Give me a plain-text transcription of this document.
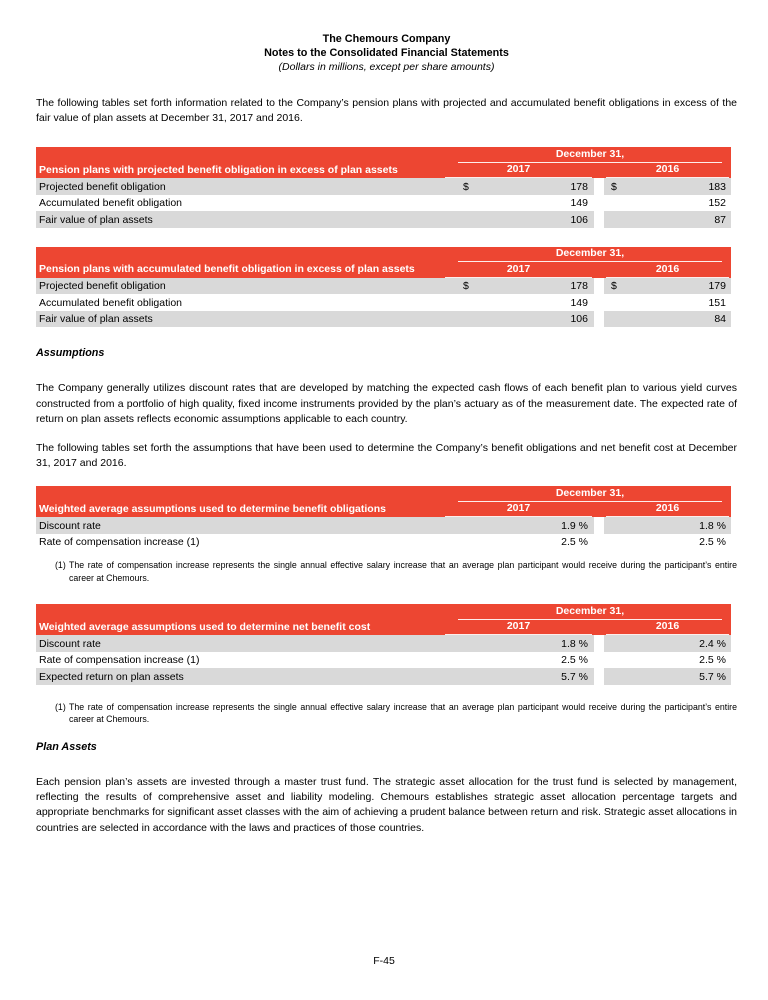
The Chemours Company
Notes to the Consolidated Financial Statements
(Dollars in millions, except per share amounts)

The following tables set forth information related to the Company’s pension plans with projected and accumulated benefit obligations in excess of the fair value of plan assets at December 31, 2017 and 2016.

December 31,
Pension plans with projected benefit obligation in excess of plan assets	2017	2016
Projected benefit obligation	$	178 $	183
Accumulated benefit obligation	149	152
Fair value of plan assets	106	87
December 31,
Pension plans with accumulated benefit obligation in excess of plan assets	2017	2016
Projected benefit obligation	$	178 $	179
Accumulated benefit obligation	149	151
Fair value of plan assets	106	84
Assumptions

The Company generally utilizes discount rates that are developed by matching the expected cash flows of each benefit plan to various yield curves constructed from a portfolio of high quality, fixed income instruments provided by the plan’s actuary as of the measurement date. The expected rate of return on plan assets reflects economic assumptions applicable to each country.

The following tables set forth the assumptions that have been used to determine the Company’s benefit obligations and net benefit cost at December 31, 2017 and 2016.

December 31,
Weighted average assumptions used to determine benefit obligations	2017	2016
Discount rate	1.9 %	1.8 %
Rate of compensation increase (1)	2.5 %	2.5 %
(1) The rate of compensation increase represents the single annual effective salary increase that an average plan participant would receive during the participant’s entire career at Chemours.
December 31,
Weighted average assumptions used to determine net benefit cost	2017	2016
Discount rate	1.8 %	2.4 %
Rate of compensation increase (1)	2.5 %	2.5 %
Expected return on plan assets	5.7 %	5.7 %
(1) The rate of compensation increase represents the single annual effective salary increase that an average plan participant would receive during the participant’s entire career at Chemours.
Plan Assets

Each pension plan’s assets are invested through a master trust fund. The strategic asset allocation for the trust fund is selected by management, reflecting the results of comprehensive asset and liability modeling. Chemours establishes strategic asset allocation percentage targets and appropriate benchmarks for significant asset classes with the aim of achieving a prudent balance between return and risk. Strategic asset allocations in countries are selected in accordance with the laws and practices of those countries.

F-45
